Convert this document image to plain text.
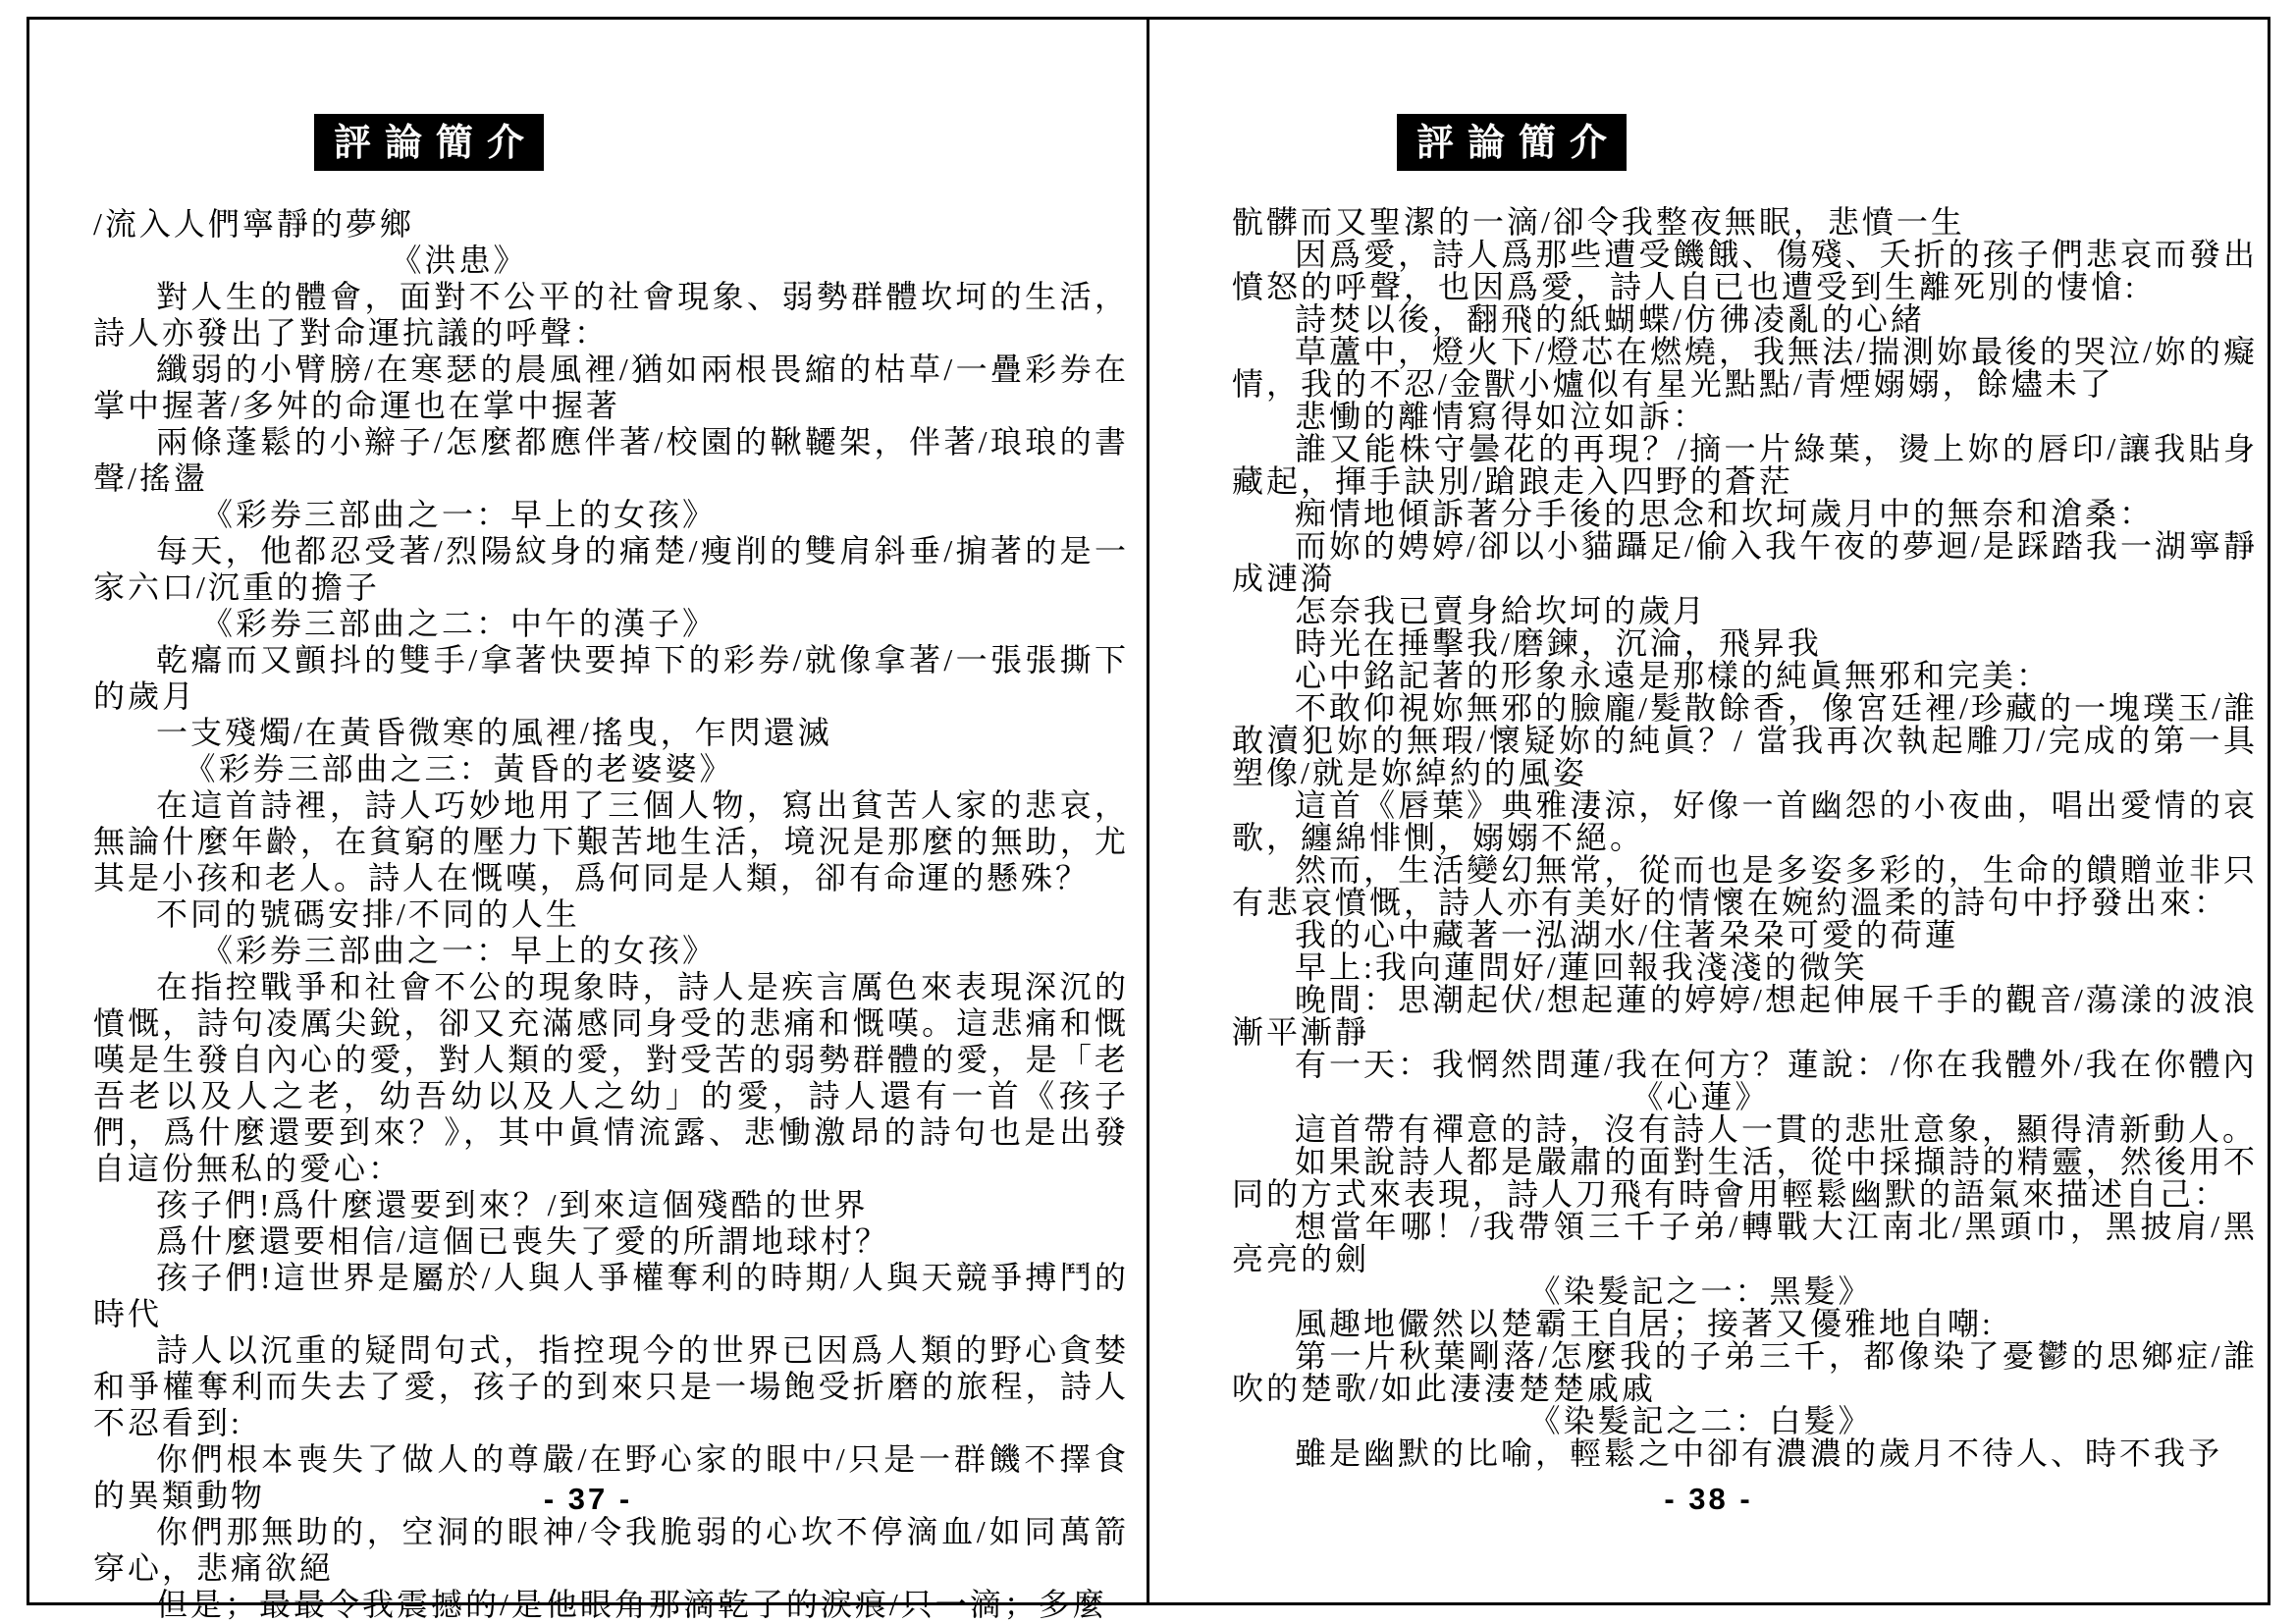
評論簡介

/流入人們寧靜的夢鄉

《洪患》

對人生的體會，面對不公平的社會現象、弱勢群體坎坷的生活，詩人亦發出了對命運抗議的呼聲：

纖弱的小臂膀/在寒瑟的晨風裡/猶如兩根畏縮的枯草/一疊彩券在掌中握著/多舛的命運也在掌中握著

兩條蓬鬆的小辮子/怎麼都應伴著/校園的鞦韆架，伴著/琅琅的書聲/搖盪

《彩券三部曲之一：早上的女孩》

每天，他都忍受著/烈陽紋身的痛楚/瘦削的雙肩斜垂/掮著的是一家六口/沉重的擔子

《彩券三部曲之二：中午的漢子》

乾癟而又顫抖的雙手/拿著快要掉下的彩券/就像拿著/一張張撕下的歲月

一支殘燭/在黃昏微寒的風裡/搖曳，乍閃還滅

《彩券三部曲之三：黃昏的老婆婆》

在這首詩裡，詩人巧妙地用了三個人物，寫出貧苦人家的悲哀，無論什麼年齡，在貧窮的壓力下艱苦地生活，境況是那麼的無助，尤其是小孩和老人。詩人在慨嘆，爲何同是人類，卻有命運的懸殊？

不同的號碼安排/不同的人生

《彩券三部曲之一：早上的女孩》

在指控戰爭和社會不公的現象時，詩人是疾言厲色來表現深沉的憤慨，詩句凌厲尖銳，卻又充滿感同身受的悲痛和慨嘆。這悲痛和慨嘆是生發自內心的愛，對人類的愛，對受苦的弱勢群體的愛，是「老吾老以及人之老，幼吾幼以及人之幼」的愛，詩人還有一首《孩子們，爲什麼還要到來？》，其中眞情流露、悲慟激昂的詩句也是出發自這份無私的愛心：

孩子們!爲什麼還要到來？/到來這個殘酷的世界

爲什麼還要相信/這個已喪失了愛的所謂地球村？

孩子們!這世界是屬於/人與人爭權奪利的時期/人與天競爭搏鬥的時代

詩人以沉重的疑問句式，指控現今的世界已因爲人類的野心貪婪和爭權奪利而失去了愛，孩子的到來只是一場飽受折磨的旅程，詩人不忍看到:

你們根本喪失了做人的尊嚴/在野心家的眼中/只是一群饑不擇食的異類動物

你們那無助的，空洞的眼神/令我脆弱的心坎不停滴血/如同萬箭穿心，悲痛欲絕

但是；最最令我震撼的/是他眼角那滴乾了的淚痕/只一滴；多麼

- 37 -
評論簡介

骯髒而又聖潔的一滴/卻令我整夜無眠，悲憤一生

因爲愛，詩人爲那些遭受饑餓、傷殘、夭折的孩子們悲哀而發出憤怒的呼聲，也因爲愛，詩人自已也遭受到生離死別的悽愴:

詩焚以後，翻飛的紙蝴蝶/仿彿凌亂的心緒

草蘆中，燈火下/燈芯在燃燒，我無法/揣測妳最後的哭泣/妳的癡情，我的不忍/金獸小爐似有星光點點/青煙嫋嫋，餘燼未了

悲慟的離情寫得如泣如訴：

誰又能株守曇花的再現？/摘一片綠葉，燙上妳的唇印/讓我貼身藏起，揮手訣別/蹌踉走入四野的蒼茫

痴情地傾訴著分手後的思念和坎坷歲月中的無奈和滄桑：

而妳的娉婷/卻以小貓躡足/偷入我午夜的夢迴/是踩踏我一湖寧靜成漣漪

怎奈我已賣身給坎坷的歲月

時光在捶擊我/磨鍊，沉淪，飛昇我

心中銘記著的形象永遠是那樣的純眞無邪和完美：

不敢仰視妳無邪的臉龐/髮散餘香，像宮廷裡/珍藏的一塊璞玉/誰敢瀆犯妳的無瑕/懷疑妳的純眞？/ 當我再次執起雕刀/完成的第一具塑像/就是妳綽約的風姿

這首《唇葉》典雅淒涼，好像一首幽怨的小夜曲，唱出愛情的哀歌，纏綿悱惻，嫋嫋不絕。

然而，生活變幻無常，從而也是多姿多彩的，生命的饋贈並非只有悲哀憤慨，詩人亦有美好的情懷在婉約溫柔的詩句中抒發出來：

我的心中藏著一泓湖水/住著朶朶可愛的荷蓮

早上:我向蓮問好/蓮回報我淺淺的微笑

晚間：思潮起伏/想起蓮的婷婷/想起伸展千手的觀音/蕩漾的波浪漸平漸靜

有一天：我惘然問蓮/我在何方？蓮說：/你在我體外/我在你體內

《心蓮》

這首帶有禪意的詩，沒有詩人一貫的悲壯意象，顯得清新動人。

如果說詩人都是嚴肅的面對生活，從中採擷詩的精靈，然後用不同的方式來表現，詩人刀飛有時會用輕鬆幽默的語氣來描述自己：

想當年哪！/我帶領三千子弟/轉戰大江南北/黑頭巾，黑披肩/黑亮亮的劍

《染髮記之一：黑髮》

風趣地儼然以楚霸王自居；接著又優雅地自嘲:

第一片秋葉剛落/怎麼我的子弟三千，都像染了憂鬱的思鄉症/誰吹的楚歌/如此淒淒楚楚戚戚

《染髮記之二：白髮》

雖是幽默的比喻，輕鬆之中卻有濃濃的歲月不待人、時不我予

- 38 -
